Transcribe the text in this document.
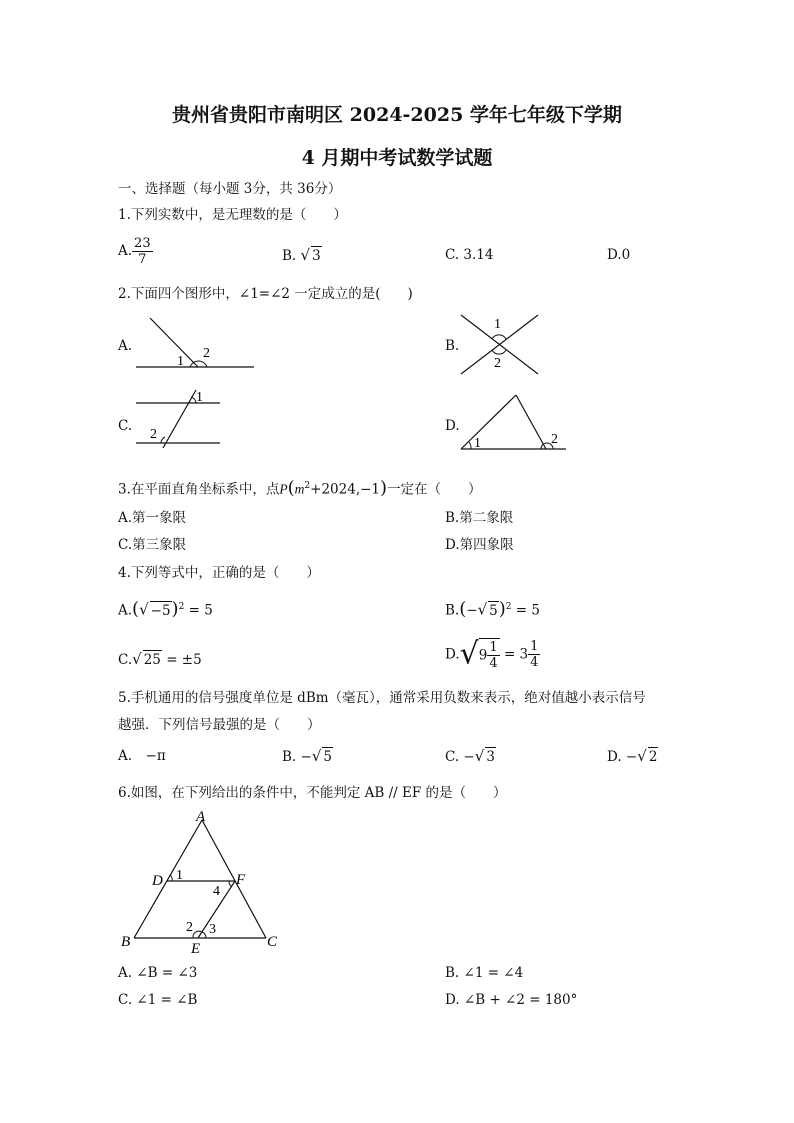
贵州省贵阳市南明区 2024-2025 学年七年级下学期
4 月期中考试数学试题
一、选择题（每小题 3分，共 36分）
1.下列实数中，是无理数的是（　　）
A. $\frac{23}{7}$	B. √ 3	C. 3.14	D.0
2.下面四个图形中，∠1=∠2 一定成立的是(　　)
A.	B.
C.	D.
1
2
1
2
1
2
1	2
3.在平面直角坐标系中，点$P(m^2+2024,-1)$一定在（　　）
A.第一象限	B.第二象限
C.第三象限	D.第四象限
4.下列等式中，正确的是（　　）
A.(√ −5)$^2$ = 5	B.(−√ 5)$^2$ = 5
C.√ 25 = ±5	$D.√9 \frac{1}{4} = 3 \frac{1}{4}$
5.手机通用的信号强度单位是 dBm（毫瓦），通常采用负数来表示，绝对值越小表示信号
越强．下列信号最强的是（　　）
A.　−π	B. −√ 5	C. −√ 3	D. −√ 2
6.如图，在下列给出的条件中，不能判定 AB // EF 的是（　　）
A
D	F
B	C
E
1
4
2 3
A. ∠B = ∠3	B. ∠1 = ∠4
C. ∠1 = ∠B	D. ∠B + ∠2 = 180°
